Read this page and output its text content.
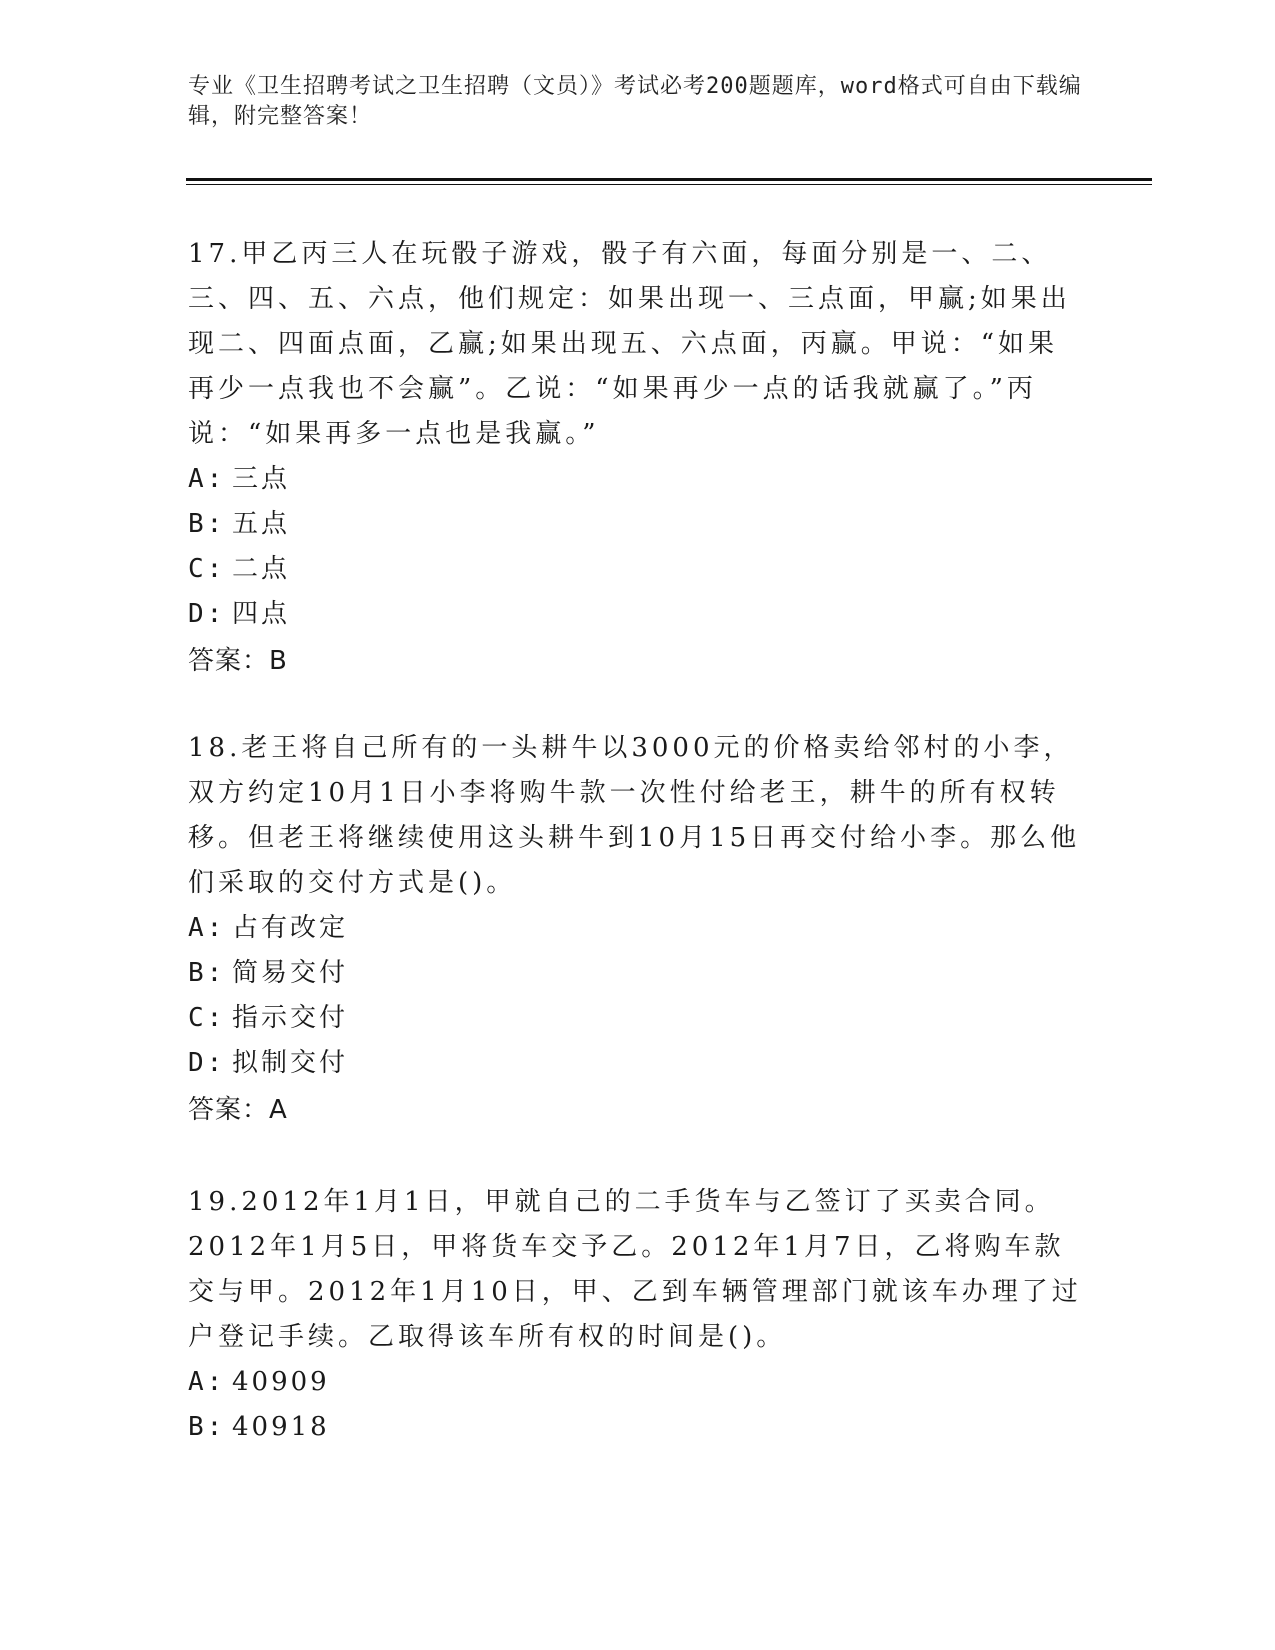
专业《卫生招聘考试之卫生招聘（文员）》考试必考200题题库，word格式可自由下载编辑，附完整答案！

17.甲乙丙三人在玩骰子游戏，骰子有六面，每面分别是一、二、三、四、五、六点，他们规定：如果出现一、三点面，甲赢;如果出现二、四面点面，乙赢;如果出现五、六点面，丙赢。甲说：“如果再少一点我也不会赢”。乙说：“如果再少一点的话我就赢了。”丙说：“如果再多一点也是我赢。”

A: 三点

B: 五点

C: 二点

D: 四点

答案：B

18.老王将自己所有的一头耕牛以3000元的价格卖给邻村的小李，双方约定10月1日小李将购牛款一次性付给老王，耕牛的所有权转移。但老王将继续使用这头耕牛到10月15日再交付给小李。那么他们采取的交付方式是()。

A: 占有改定

B: 简易交付

C: 指示交付

D: 拟制交付

答案：A

19.2012年1月1日，甲就自己的二手货车与乙签订了买卖合同。2012年1月5日，甲将货车交予乙。2012年1月7日，乙将购车款交与甲。2012年1月10日，甲、乙到车辆管理部门就该车办理了过户登记手续。乙取得该车所有权的时间是()。

A: 40909

B: 40918
